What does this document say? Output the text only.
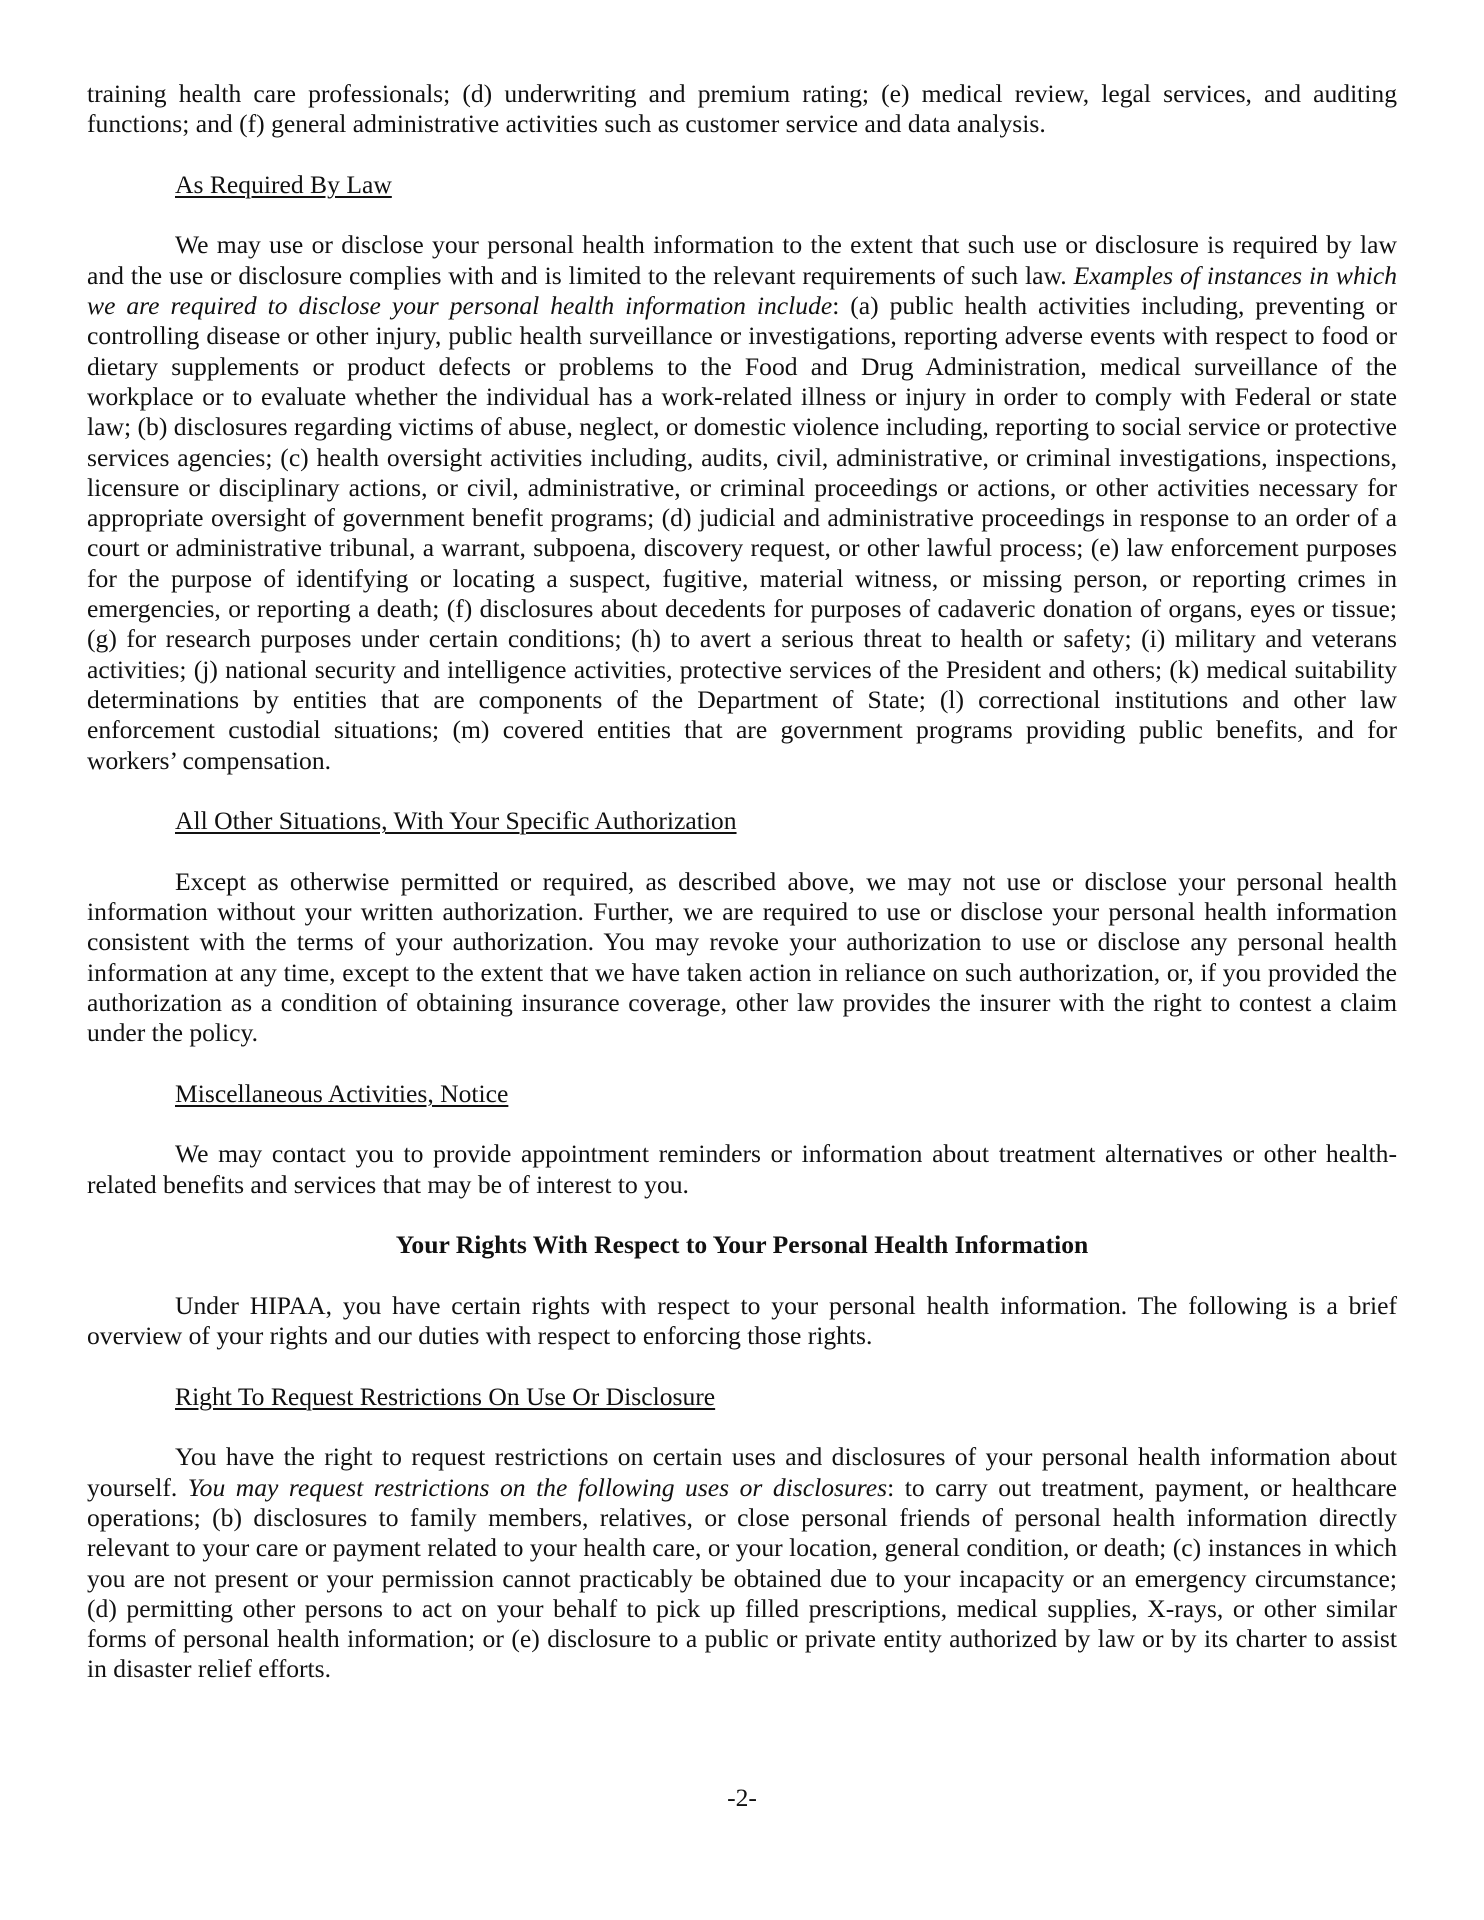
training health care professionals; (d) underwriting and premium rating; (e) medical review, legal services, and auditing functions; and (f) general administrative activities such as customer service and data analysis.

As Required By Law

We may use or disclose your personal health information to the extent that such use or disclosure is required by law and the use or disclosure complies with and is limited to the relevant requirements of such law. Examples of instances in which we are required to disclose your personal health information include: (a) public health activities including, preventing or controlling disease or other injury, public health surveillance or investigations, reporting adverse events with respect to food or dietary supplements or product defects or problems to the Food and Drug Administration, medical surveillance of the workplace or to evaluate whether the individual has a work-related illness or injury in order to comply with Federal or state law; (b) disclosures regarding victims of abuse, neglect, or domestic violence including, reporting to social service or protective services agencies; (c) health oversight activities including, audits, civil, administrative, or criminal investigations, inspections, licensure or disciplinary actions, or civil, administrative, or criminal proceedings or actions, or other activities necessary for appropriate oversight of government benefit programs; (d) judicial and administrative proceedings in response to an order of a court or administrative tribunal, a warrant, subpoena, discovery request, or other lawful process; (e) law enforcement purposes for the purpose of identifying or locating a suspect, fugitive, material witness, or missing person, or reporting crimes in emergencies, or reporting a death; (f) disclosures about decedents for purposes of cadaveric donation of organs, eyes or tissue; (g) for research purposes under certain conditions; (h) to avert a serious threat to health or safety; (i) military and veterans activities; (j) national security and intelligence activities, protective services of the President and others; (k) medical suitability determinations by entities that are components of the Department of State; (l) correctional institutions and other law enforcement custodial situations; (m) covered entities that are government programs providing public benefits, and for workers’ compensation.

All Other Situations, With Your Specific Authorization

Except as otherwise permitted or required, as described above, we may not use or disclose your personal health information without your written authorization. Further, we are required to use or disclose your personal health information consistent with the terms of your authorization. You may revoke your authorization to use or disclose any personal health information at any time, except to the extent that we have taken action in reliance on such authorization, or, if you provided the authorization as a condition of obtaining insurance coverage, other law provides the insurer with the right to contest a claim under the policy.

Miscellaneous Activities, Notice

We may contact you to provide appointment reminders or information about treatment alternatives or other health-related benefits and services that may be of interest to you.

Your Rights With Respect to Your Personal Health Information

Under HIPAA, you have certain rights with respect to your personal health information. The following is a brief overview of your rights and our duties with respect to enforcing those rights.

Right To Request Restrictions On Use Or Disclosure

You have the right to request restrictions on certain uses and disclosures of your personal health information about yourself. You may request restrictions on the following uses or disclosures: to carry out treatment, payment, or healthcare operations; (b) disclosures to family members, relatives, or close personal friends of personal health information directly relevant to your care or payment related to your health care, or your location, general condition, or death; (c) instances in which you are not present or your permission cannot practicably be obtained due to your incapacity or an emergency circumstance; (d) permitting other persons to act on your behalf to pick up filled prescriptions, medical supplies, X-rays, or other similar forms of personal health information; or (e) disclosure to a public or private entity authorized by law or by its charter to assist in disaster relief efforts.

-2-
